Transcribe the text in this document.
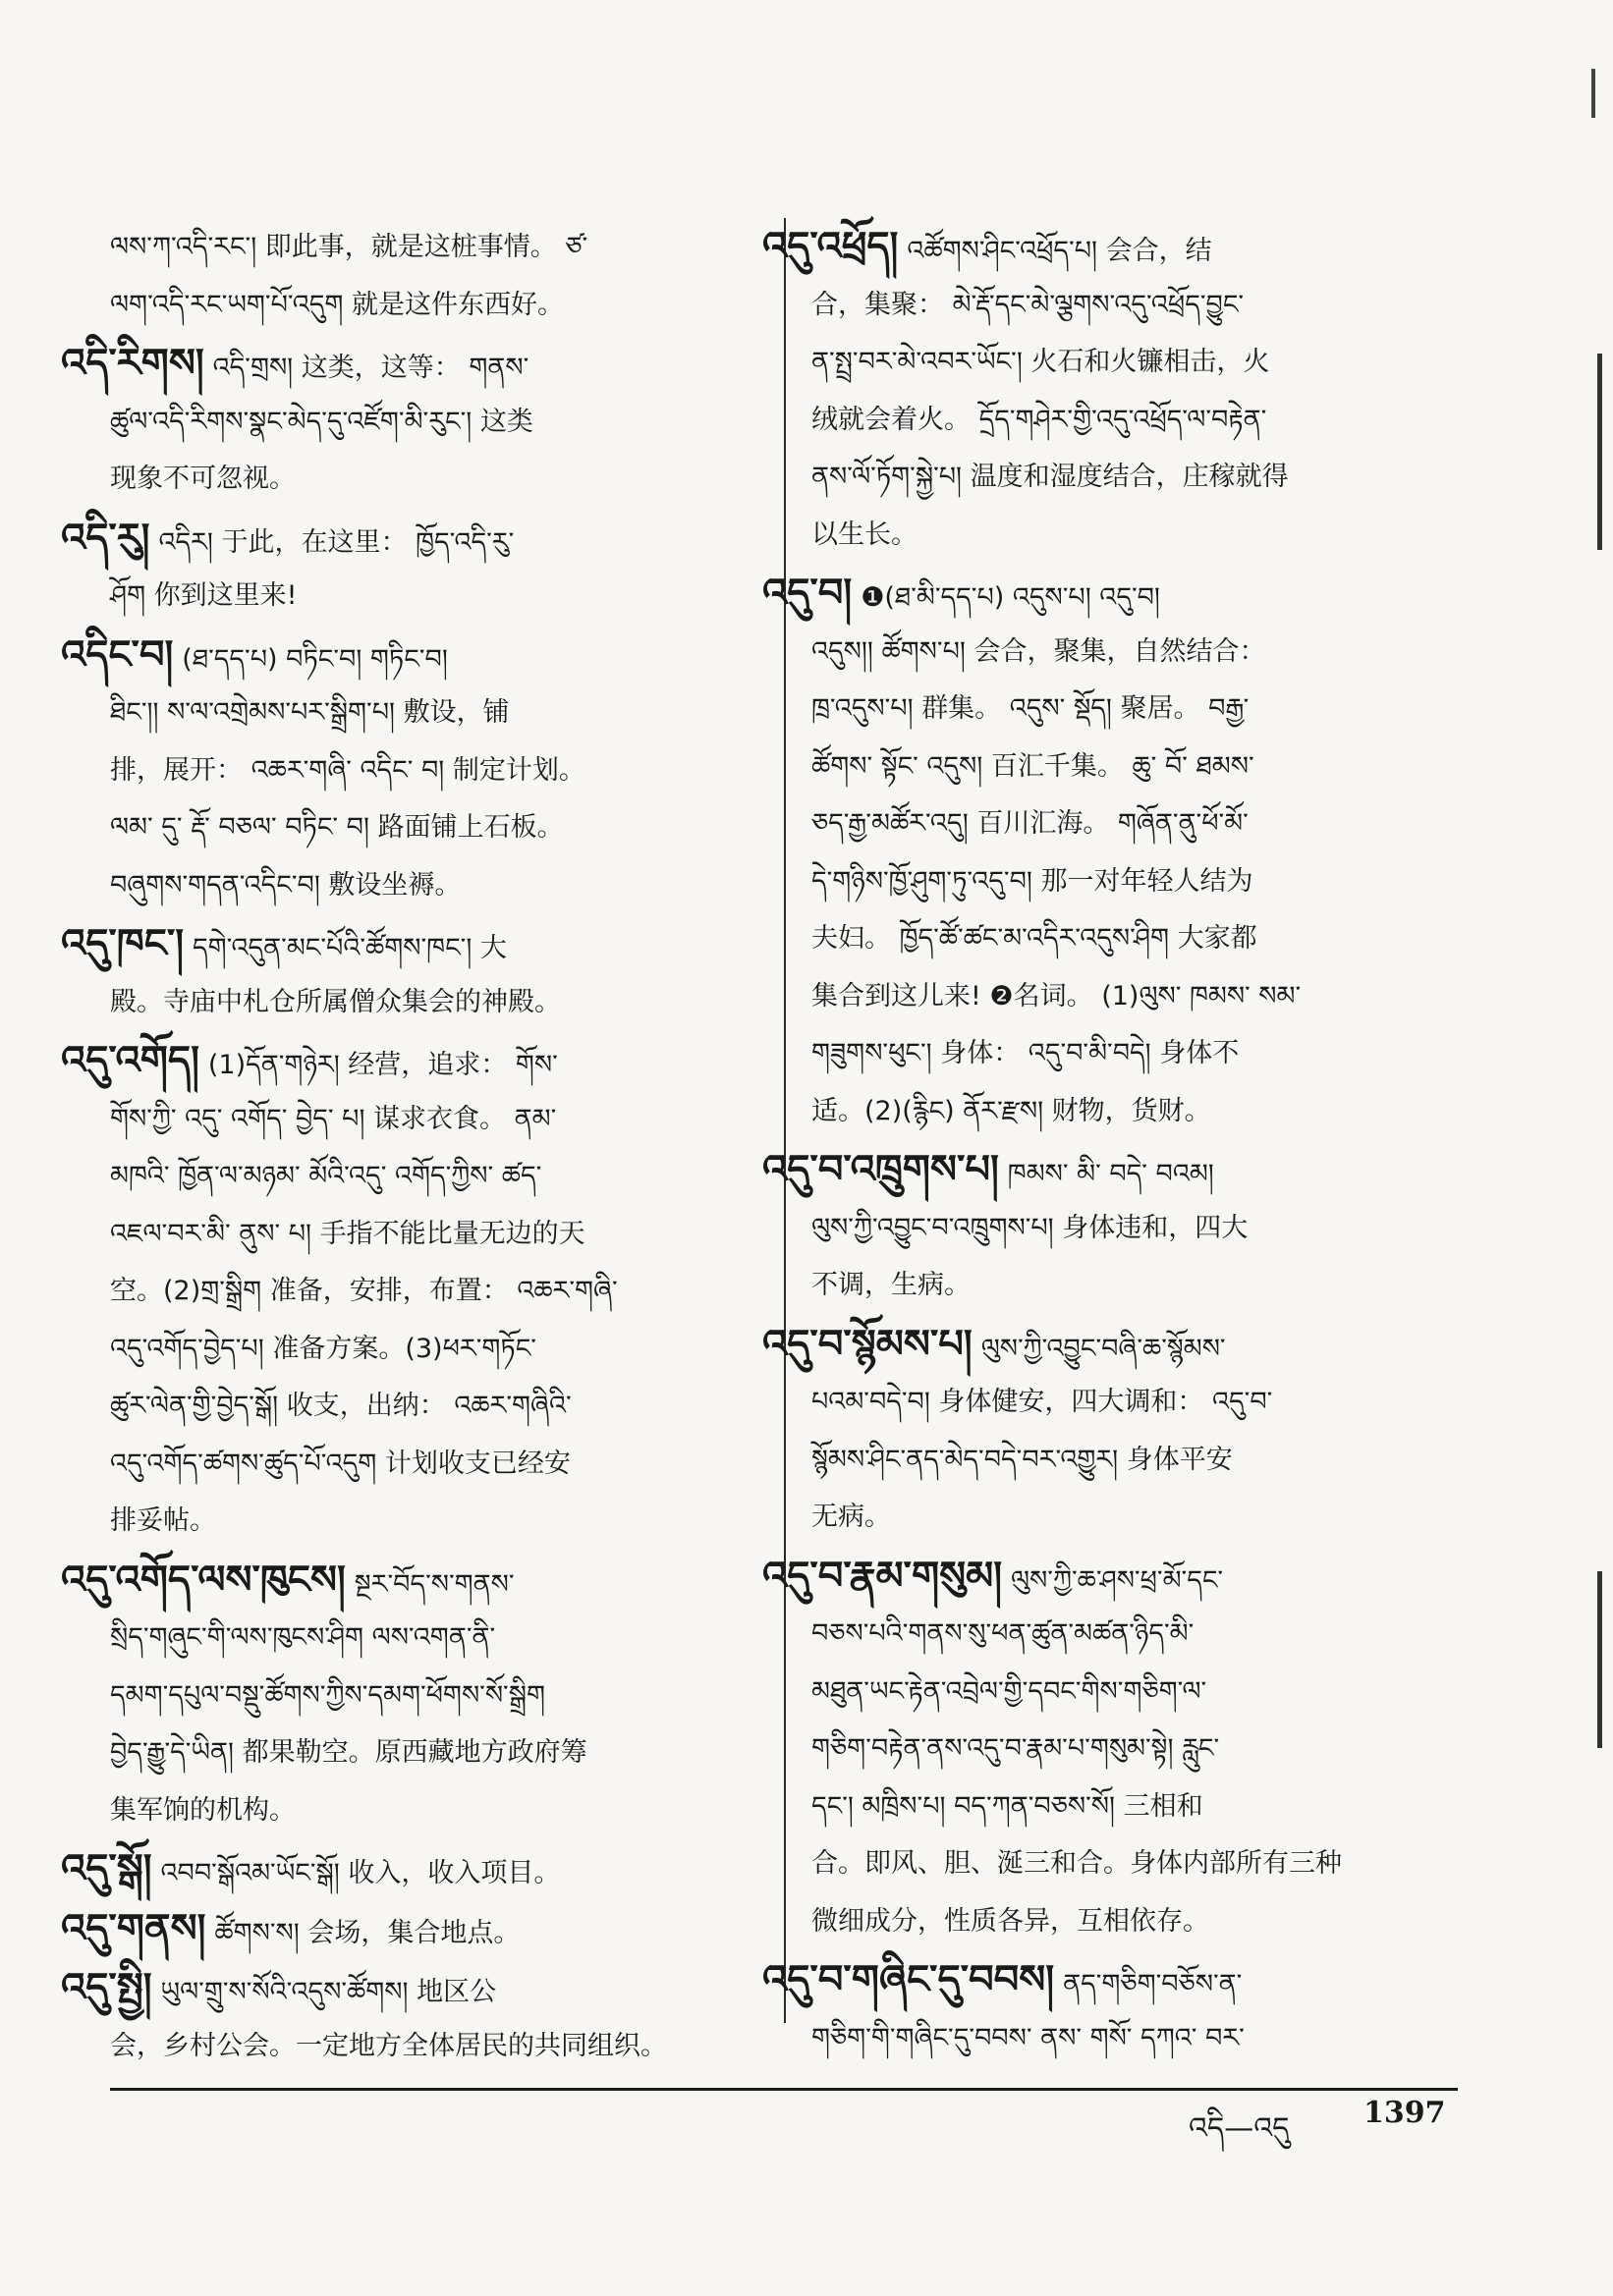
ལས་ཀ་འདི་རང་། 即此事，就是这桩事情。 ཙ་
ལག་འདི་རང་ཡག་པོ་འདུག 就是这件东西好。
འདི་རིགས། འདི་གྲས། 这类，这等： གནས་
ཚུལ་འདི་རིགས་སྣང་མེད་དུ་འཛོག་མི་རུང་། 这类
现象不可忽视。
འདི་རུ། འདིར། 于此，在这里： ཁྱོད་འདི་རུ་
ཤོག 你到这里来!
འདིང་བ། (ཐ་དད་པ) བཏིང་བ། གཏིང་བ།
ཐིང་།། ས་ལ་འགྲེམས་པར་སྒྲིག་པ། 敷设，铺
排，展开： འཆར་གཞི་ འདིང་ བ། 制定计划。
ལམ་ དུ་ རྡོ་ བཅལ་ བཏིང་ བ། 路面铺上石板。
བཞུགས་གདན་འདིང་བ། 敷设坐褥。
འདུ་ཁང་། དགེ་འདུན་མང་པོའི་ཚོགས་ཁང་། 大
殿。寺庙中札仓所属僧众集会的神殿。
འདུ་འགོད། (1)དོན་གཉེར། 经营，追求： གོས་
གོས་ཀྱི་ འདུ་ འགོད་ བྱེད་ པ། 谋求衣食。 ནམ་
མཁའི་ ཁྱོན་ལ་མཉམ་ མོའི་འདུ་ འགོད་ཀྱིས་ ཚད་
འཇལ་བར་མི་ ནུས་ པ། 手指不能比量无边的天
空。(2)གྲ་སྒྲིག 准备，安排，布置： འཆར་གཞི་
འདུ་འགོད་བྱེད་པ། 准备方案。(3)ཕར་གཏོང་
ཚུར་ལེན་གྱི་བྱེད་སྒོ། 收支，出纳： འཆར་གཞིའི་
འདུ་འགོད་ཚགས་ཚུད་པོ་འདུག 计划收支已经安
排妥帖。
འདུ་འགོད་ལས་ཁུངས། སྔར་བོད་ས་གནས་
སྲིད་གཞུང་གི་ལས་ཁུངས་ཤིག ལས་འགན་ནི་
དམག་དཔུལ་བསྡུ་ཚོགས་ཀྱིས་དམག་ཕོགས་སོ་སྒྲིག
བྱེད་རྒྱུ་དེ་ཡིན། 都果勒空。原西藏地方政府筹
集军饷的机构。
འདུ་སྒོ། འབབ་སྒོའམ་ཡོང་སྒོ། 收入，收入项目。
འདུ་གནས། ཚོགས་ས། 会场，集合地点。
འདུ་སྤྱི། ཡུལ་གྲུ་ས་སོའི་འདུས་ཚོགས། 地区公
会，乡村公会。一定地方全体居民的共同组织。
འདུ་འཕྲོད། འཚོགས་ཤིང་འཕྲོད་པ། 会合，结
合，集聚： མེ་རྡོ་དང་མེ་ལྕགས་འདུ་འཕྲོད་བྱུང་
ན་སྤྲ་བར་མེ་འབར་ཡོང་། 火石和火镰相击，火
绒就会着火。 དྲོད་གཤེར་གྱི་འདུ་འཕྲོད་ལ་བརྟེན་
ནས་ལོ་ཏོག་སྐྱེ་པ། 温度和湿度结合，庄稼就得
以生长。
འདུ་བ། ❶(ཐ་མི་དད་པ) འདུས་པ། འདུ་བ།
འདུས།། ཚོགས་པ། 会合，聚集，自然结合：
ཁྲ་འདུས་པ། 群集。 འདུས་ སྡོད། 聚居。 བརྒྱ་
ཚོགས་ སྟོང་ འདུས། 百汇千集。 ཆུ་ བོ་ ཐམས་
ཅད་རྒྱ་མཚོར་འདུ། 百川汇海。 གཞོན་ནུ་ཕོ་མོ་
དེ་གཉིས་ཁྱོ་ཤུག་ཏུ་འདུ་བ། 那一对年轻人结为
夫妇。 ཁྱོད་ཚོ་ཚང་མ་འདིར་འདུས་ཤིག 大家都
集合到这儿来! ❷名词。 (1)ལུས་ ཁམས་ སམ་
གཟུགས་ཕུང་། 身体： འདུ་བ་མི་བདེ། 身体不
适。(2)(རྙིང) ནོར་རྫས། 财物，货财。
འདུ་བ་འཁྲུགས་པ། ཁམས་ མི་ བདེ་ བའམ།
ལུས་ཀྱི་འབྱུང་བ་འཁྲུགས་པ། 身体违和，四大
不调，生病。
འདུ་བ་སྙོམས་པ། ལུས་ཀྱི་འབྱུང་བཞི་ཆ་སྙོམས་
པའམ་བདེ་བ། 身体健安，四大调和： འདུ་བ་
སྙོམས་ཤིང་ནད་མེད་བདེ་བར་འགྱུར། 身体平安
无病。
འདུ་བ་རྣམ་གསུམ། ལུས་ཀྱི་ཆ་ཤས་ཕྲ་མོ་དང་
བཅས་པའི་གནས་སུ་ཕན་ཚུན་མཚན་ཉིད་མི་
མཐུན་ཡང་རྟེན་འབྲེལ་གྱི་དབང་གིས་གཅིག་ལ་
གཅིག་བརྟེན་ནས་འདུ་བ་རྣམ་པ་གསུམ་སྟེ། རླུང་
དང་། མཁྲིས་པ། བད་ཀན་བཅས་སོ། 三相和
合。即风、胆、涎三和合。身体内部所有三种
微细成分，性质各异，互相依存。
འདུ་བ་གཞིང་དུ་བབས། ནད་གཅིག་བཅོས་ན་
གཅིག་གི་གཞིང་དུ་བབས་ ནས་ གསོ་ དཀའ་ བར་
འདི—འདུ	1397
